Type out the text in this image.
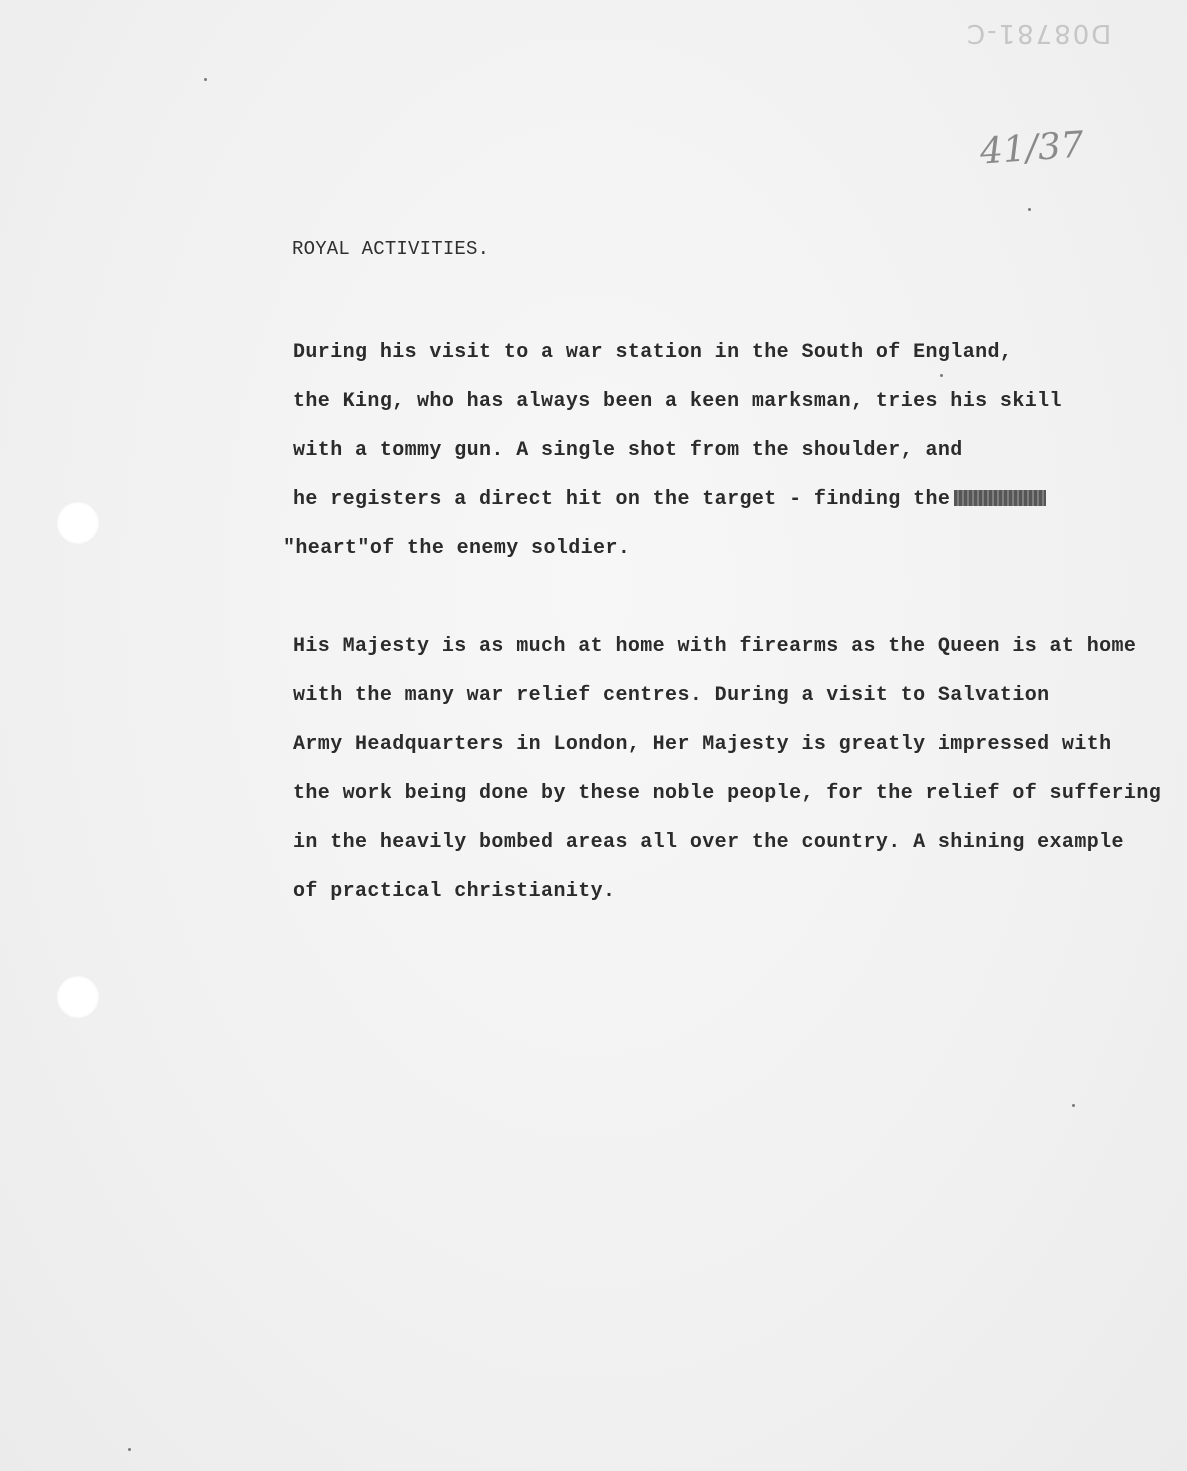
D08781-C
41/37
ROYAL ACTIVITIES.
During his visit to a war station in the South of England,
the King, who has always been a keen marksman, tries his skill
with a tommy gun. A single shot from the shoulder, and
he registers a direct hit on the target - finding the
"heart"of the enemy soldier.
His Majesty is as much at home with firearms as the Queen is at home
with the many war relief centres. During a visit to Salvation
Army Headquarters in London, Her Majesty is greatly impressed with
the work being done by these noble people, for the relief of suffering
in the heavily bombed areas all over the country. A shining example
of practical christianity.
